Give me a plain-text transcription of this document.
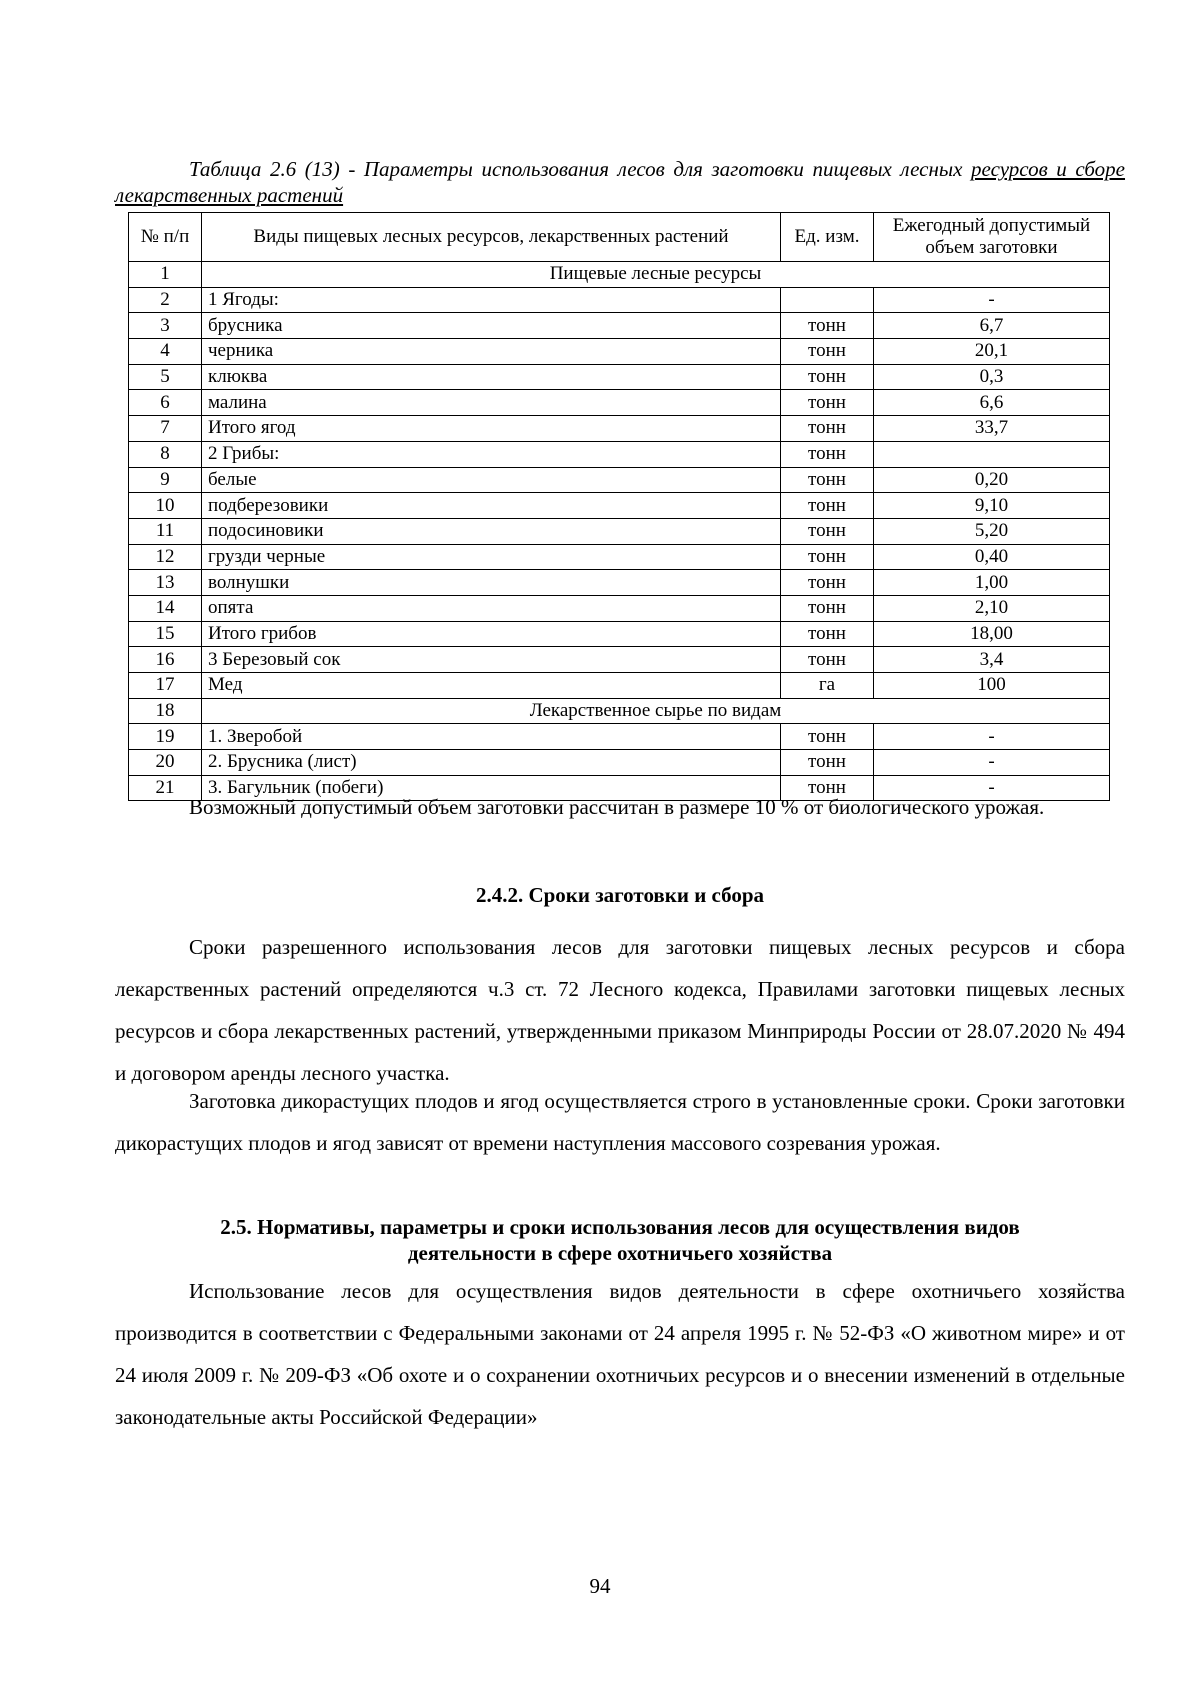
Таблица 2.6 (13) - Параметры использования лесов для заготовки пищевых лесных ресурсов и сборе лекарственных растений
№ п/п	Виды пищевых лесных ресурсов, лекарственных растений	Ед. изм.	Ежегодный допустимый объем заготовки
1	Пищевые лесные ресурсы		
2	1 Ягоды:		-
3	брусника	тонн	6,7
4	черника	тонн	20,1
5	клюква	тонн	0,3
6	малина	тонн	6,6
7	Итого ягод	тонн	33,7
8	2 Грибы:	тонн	
9	белые	тонн	0,20
10	подберезовики	тонн	9,10
11	подосиновики	тонн	5,20
12	грузди черные	тонн	0,40
13	волнушки	тонн	1,00
14	опята	тонн	2,10
15	Итого грибов	тонн	18,00
16	3 Березовый сок	тонн	3,4
17	Мед	га	100
18	Лекарственное сырье по видам		
19	1. Зверобой	тонн	-
20	2. Брусника (лист)	тонн	-
21	3. Багульник (побеги)	тонн	-
Возможный допустимый объем заготовки рассчитан в размере 10 % от биологического урожая.
2.4.2. Сроки заготовки и сбора
Сроки разрешенного использования лесов для заготовки пищевых лесных ресурсов и сбора лекарственных растений определяются ч.3 ст. 72 Лесного кодекса, Правилами заготовки пищевых лесных ресурсов и сбора лекарственных растений, утвержденными приказом Минприроды России от 28.07.2020 № 494 и договором аренды лесного участка.
Заготовка дикорастущих плодов и ягод осуществляется строго в установленные сроки. Сроки заготовки дикорастущих плодов и ягод зависят от времени наступления массового созревания урожая.
2.5. Нормативы, параметры и сроки использования лесов для осуществления видов
деятельности в сфере охотничьего хозяйства
Использование лесов для осуществления видов деятельности в сфере охотничьего хозяйства производится в соответствии с Федеральными законами от 24 апреля 1995 г. № 52-ФЗ «О животном мире» и от 24 июля 2009 г. № 209-ФЗ «Об охоте и о сохранении охотничьих ресурсов и о внесении изменений в отдельные законодательные акты Российской Федерации»
94
